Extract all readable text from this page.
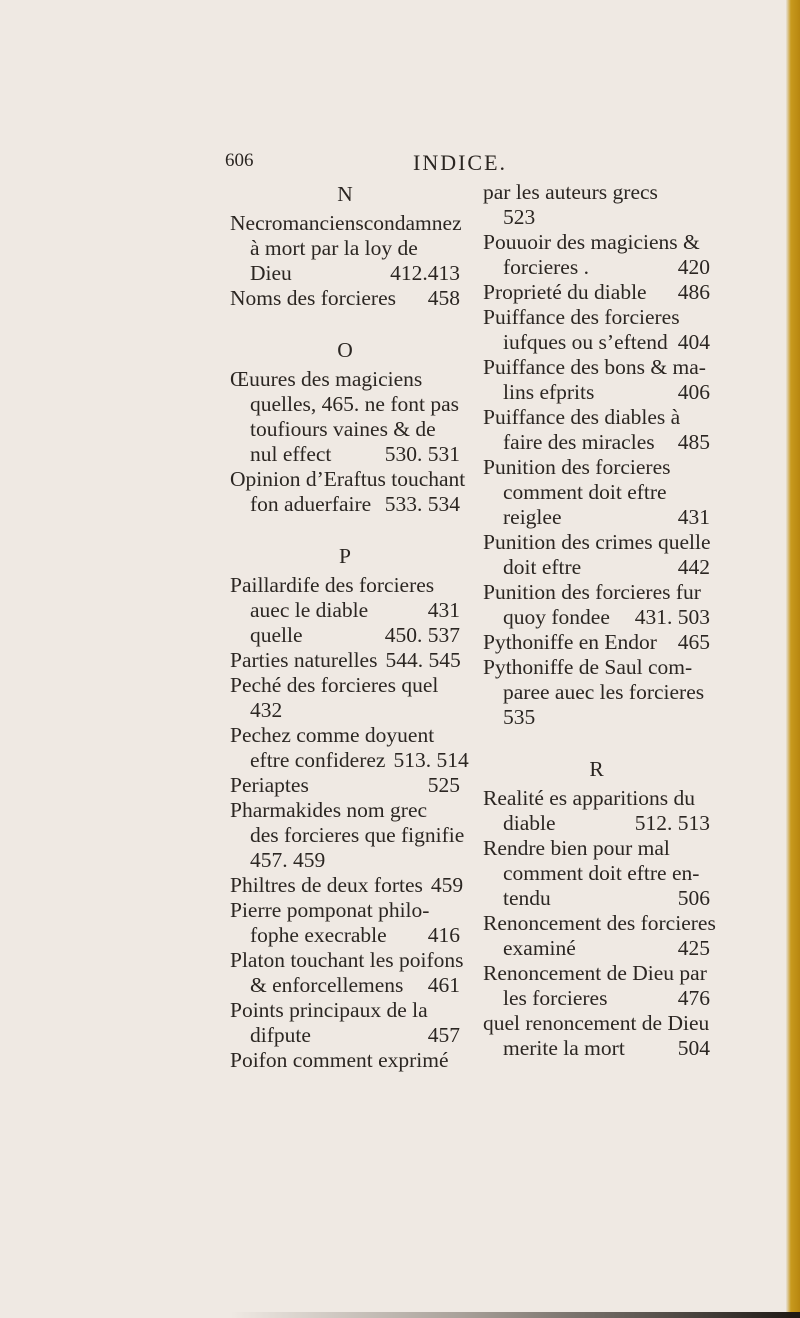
606	INDICE.
N
Necromancienscondamnez
à mort par la loy de
Dieu	412.413
Noms des forcieres	458
O
Œuures des magiciens
quelles, 465. ne font pas
toufiours vaines & de
nul effect	530. 531
Opinion d’Eraftus touchant
fon aduerfaire 533. 534
P
Paillardife des forcieres
auec le diable	431
quelle	450. 537
Parties naturelles 544. 545
Peché des forcieres quel
432
Pechez comme doyuent
eftre confiderez 513. 514
Periaptes	525
Pharmakides nom grec
des forcieres que fignifie
457. 459
Philtres de deux fortes 459
Pierre pomponat philo-
fophe execrable	416
Platon touchant les poifons
& enforcellemens	461
Points principaux de la
difpute	457
Poifon comment exprimé
par les auteurs grecs
523
Pouuoir des magiciens &
forcieres .	420
Proprieté du diable	486
Puiffance des forcieres
iufques ou s’eftend 404
Puiffance des bons & ma-
lins efprits	406
Puiffance des diables à
faire des miracles	485
Punition des forcieres
comment doit eftre
reiglee	431
Punition des crimes quelle
doit eftre	442
Punition des forcieres fur
quoy fondee	431. 503
Pythoniffe en Endor 465
Pythoniffe de Saul com-
paree auec les forcieres
535
R
Realité es apparitions du
diable	512. 513
Rendre bien pour mal
comment doit eftre en-
tendu	506
Renoncement des forcieres
examiné	425
Renoncement de Dieu par
les forcieres	476
quel renoncement de Dieu
merite la mort	504
